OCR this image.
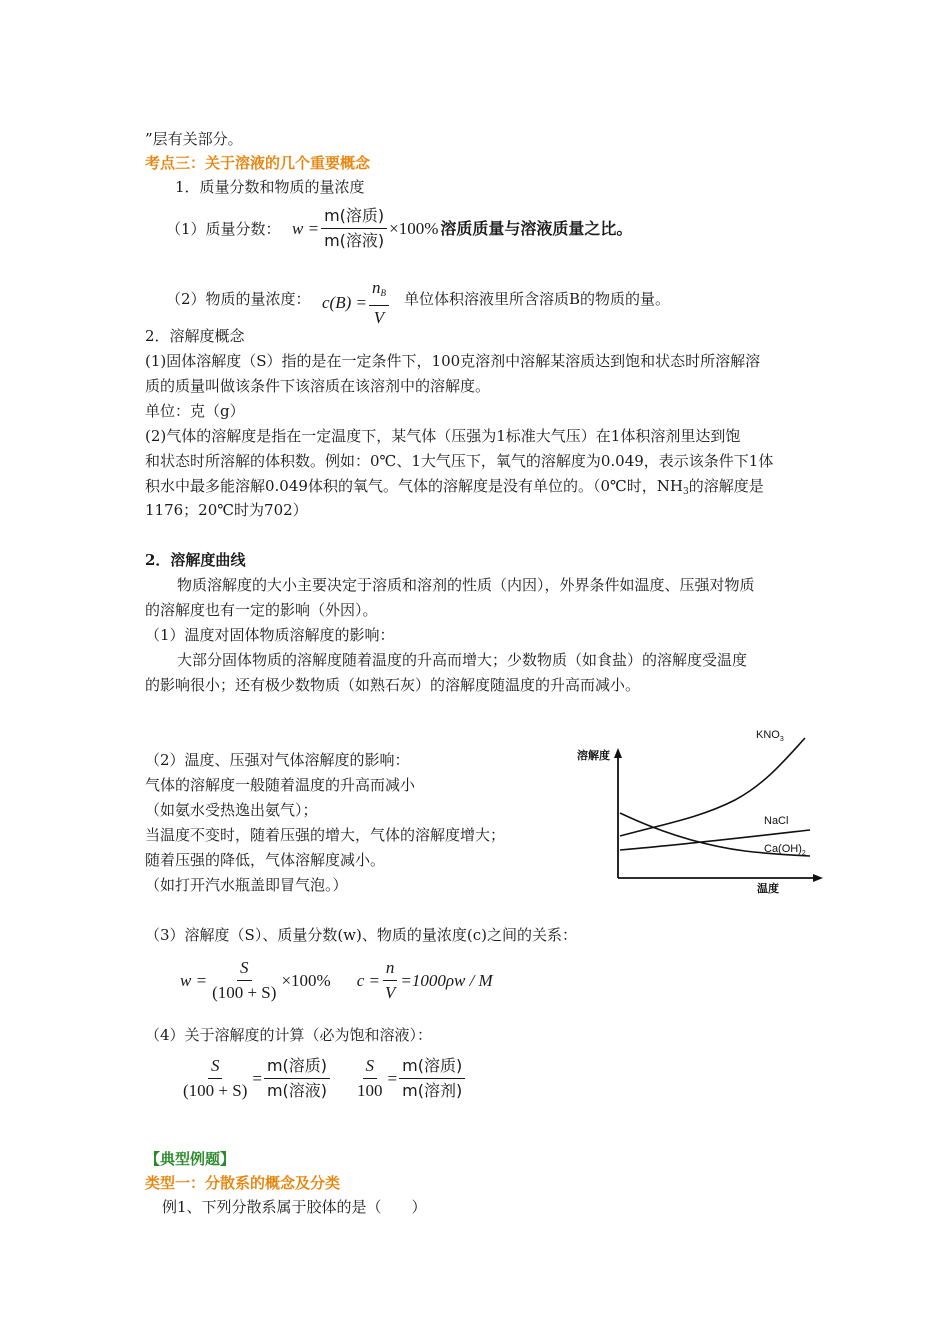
”层有关部分。
考点三：关于溶液的几个重要概念
1．质量分数和物质的量浓度
（1）质量分数： $w = \frac{\text{m(溶质)}}{\text{m(溶液)}} \times 100\%$ 溶质质量与溶液质量之比。
（2）物质的量浓度： $c(B) = \frac{n_B}{V}$ 单位体积溶液里所含溶质B的物质的量。
2．溶解度概念
(1)固体溶解度（S）指的是在一定条件下，100克溶剂中溶解某溶质达到饱和状态时所溶解溶
质的质量叫做该条件下该溶质在该溶剂中的溶解度。
单位：克（g）
(2)气体的溶解度是指在一定温度下，某气体（压强为1标准大气压）在1体积溶剂里达到饱
和状态时所溶解的体积数。例如：0℃、1大气压下，氧气的溶解度为0.049，表示该条件下1体
积水中最多能溶解0.049体积的氧气。气体的溶解度是没有单位的。（0℃时，$NH_3$的溶解度是
1176；20℃时为702）
2．溶解度曲线
物质溶解度的大小主要决定于溶质和溶剂的性质（内因），外界条件如温度、压强对物质
的溶解度也有一定的影响（外因）。
（1）温度对固体物质溶解度的影响：
大部分固体物质的溶解度随着温度的升高而增大；少数物质（如食盐）的溶解度受温度
的影响很小；还有极少数物质（如熟石灰）的溶解度随温度的升高而减小。
（2）温度、压强对气体溶解度的影响：
气体的溶解度一般随着温度的升高而减小
（如氨水受热逸出氨气）；
当温度不变时，随着压强的增大，气体的溶解度增大；
随着压强的降低，气体溶解度减小。
（如打开汽水瓶盖即冒气泡。）
溶解度
温度
$KNO_3$
NaCl
$Ca(OH)_2$
（3）溶解度（S）、质量分数(w)、物质的量浓度(c)之间的关系：
$w = \frac{S}{(100 + S)} \times 100\%$ $c = \frac{n}{V} =1000\rho w / M$
（4）关于溶解度的计算（必为饱和溶液）：
$\frac{S}{(100 + S)} = \frac{\text{m(溶质)}}{\text{m(溶液)}} \frac{S}{100} = \frac{\text{m(溶质)}}{\text{m(溶剂)}}$
【典型例题】
类型一：分散系的概念及分类
例1、下列分散系属于胶体的是（　　）
